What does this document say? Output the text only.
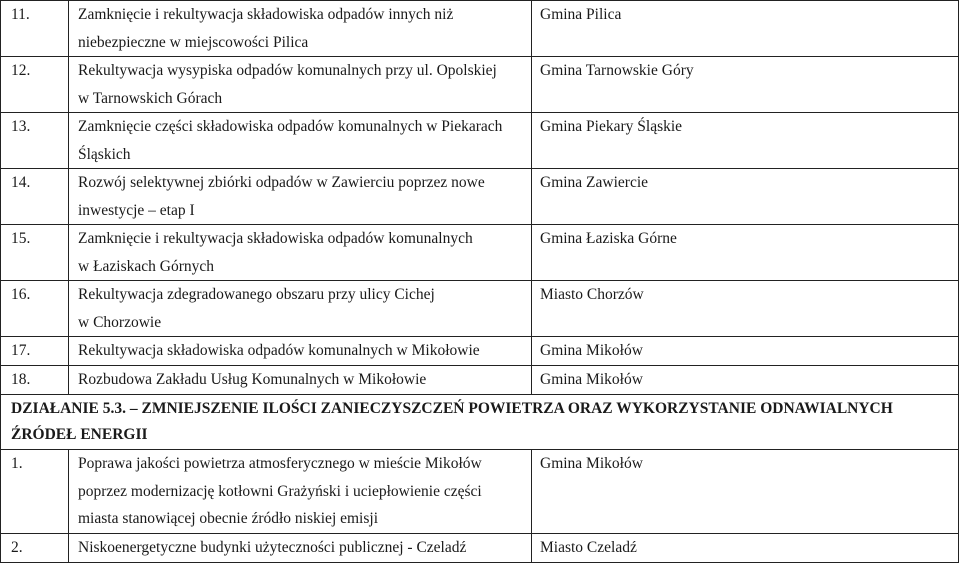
11.	Zamknięcie i rekultywacja składowiska odpadów innych niż
niebezpieczne w miejscowości Pilica	Gmina Pilica
12.	Rekultywacja wysypiska odpadów komunalnych przy ul. Opolskiej
w Tarnowskich Górach	Gmina Tarnowskie Góry
13.	Zamknięcie części składowiska odpadów komunalnych w Piekarach
Śląskich	Gmina Piekary Śląskie
14.	Rozwój selektywnej zbiórki odpadów w Zawierciu poprzez nowe
inwestycje – etap I	Gmina Zawiercie
15.	Zamknięcie i rekultywacja składowiska odpadów komunalnych
w Łaziskach Górnych	Gmina Łaziska Górne
16.	Rekultywacja zdegradowanego obszaru przy ulicy Cichej
w Chorzowie	Miasto Chorzów
17.	Rekultywacja składowiska odpadów komunalnych w Mikołowie	Gmina Mikołów
18.	Rozbudowa Zakładu Usług Komunalnych w Mikołowie	Gmina Mikołów
DZIAŁANIE 5.3. – ZMNIEJSZENIE ILOŚCI ZANIECZYSZCZEŃ POWIETRZA ORAZ WYKORZYSTANIE ODNAWIALNYCH
ŹRÓDEŁ ENERGII		
1.	Poprawa jakości powietrza atmosferycznego w mieście Mikołów
poprzez modernizację kotłowni Grażyński i uciepłowienie części
miasta stanowiącej obecnie źródło niskiej emisji	Gmina Mikołów
2.	Niskoenergetyczne budynki użyteczności publicznej - Czeladź	Miasto Czeladź
